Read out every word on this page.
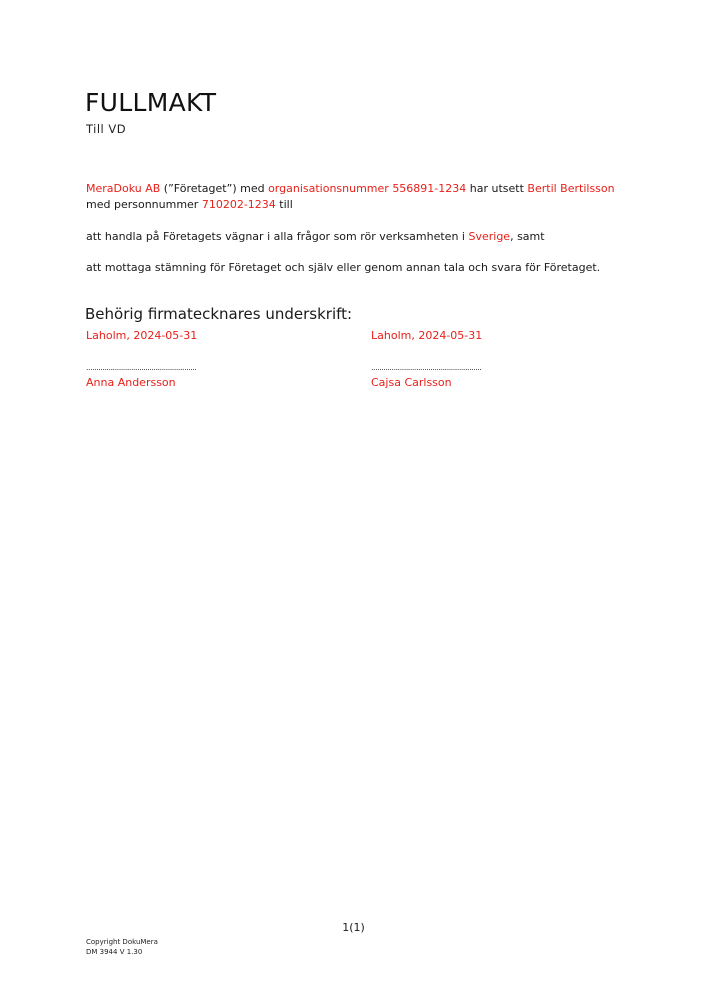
FULLMAKT
Till VD
MeraDoku AB (”Företaget”) med organisationsnummer 556891-1234 har utsett Bertil Bertilsson
med personnummer 710202-1234 till
att handla på Företagets vägnar i alla frågor som rör verksamheten i Sverige, samt
att mottaga stämning för Företaget och själv eller genom annan tala och svara för Företaget.
Behörig firmatecknares underskrift:
Laholm, 2024-05-31
......................................................
Anna Andersson
Laholm, 2024-05-31
......................................................
Cajsa Carlsson
1(1)
Copyright DokuMera
DM 3944 V 1.30
